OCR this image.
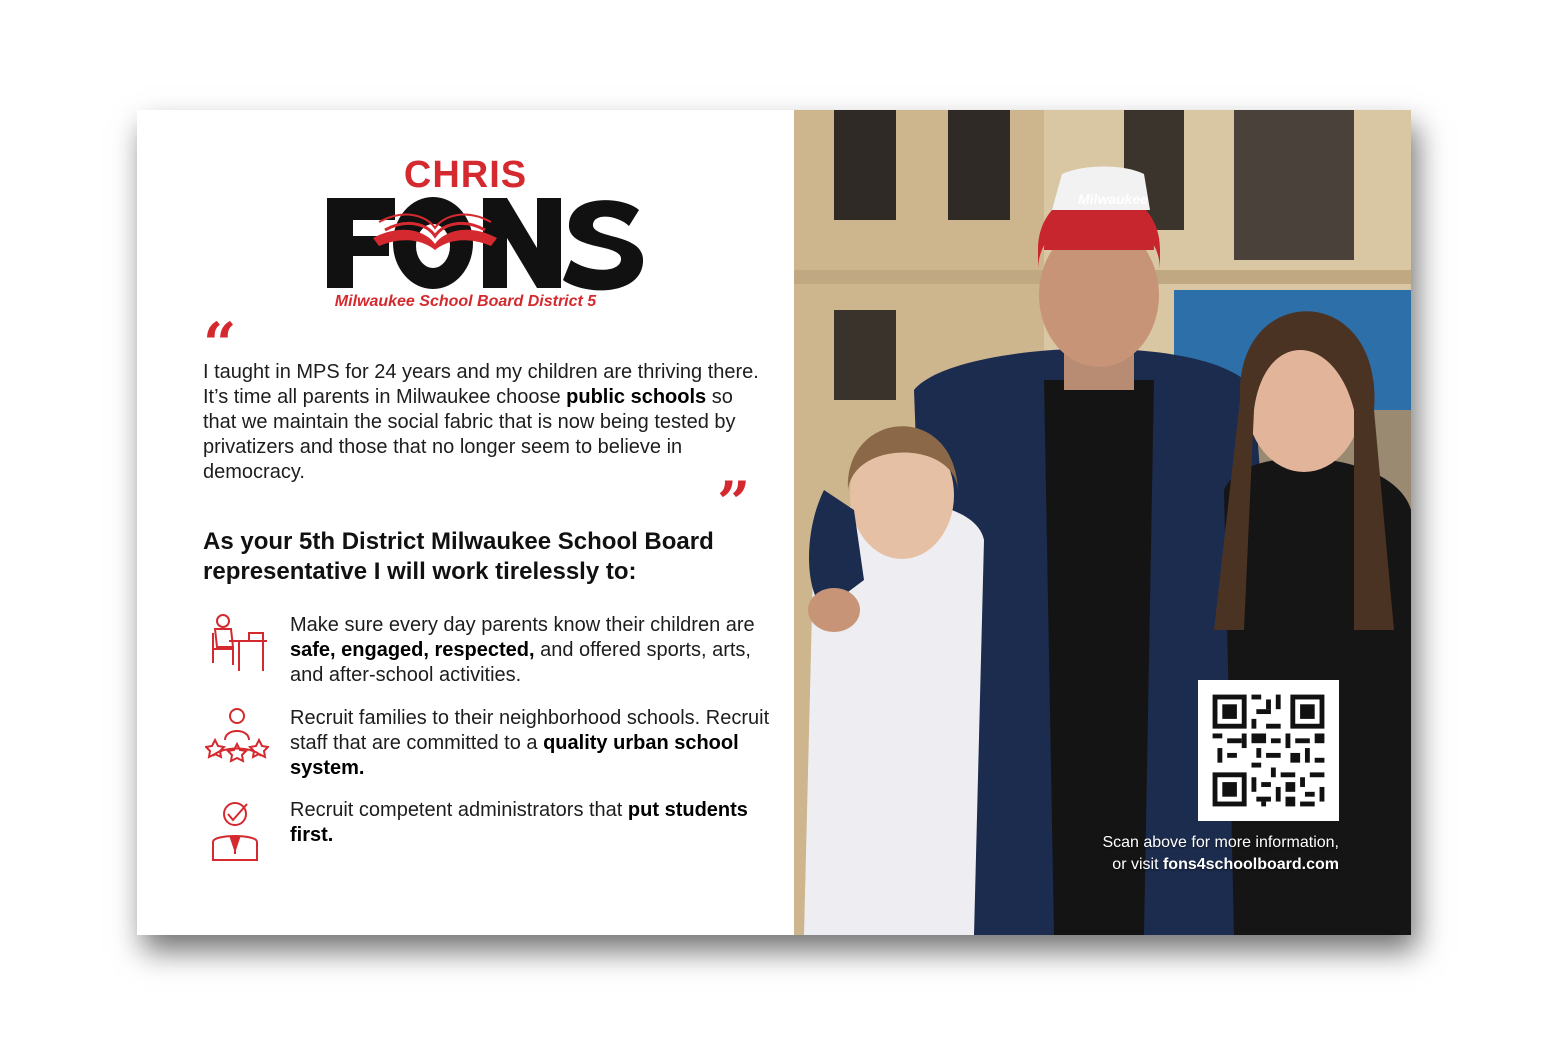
CHRIS
FONS
Milwaukee School Board District 5
“
I taught in MPS for 24 years and my children are thriving there. It’s time all parents in Milwaukee choose public schools so that we maintain the social fabric that is now being tested by privatizers and those that no longer seem to believe in democracy.	”
As your 5th District Milwaukee School Board representative I will work tirelessly to:
Make sure every day parents know their children are safe, engaged, respected, and offered sports, arts, and after-school activities.
Recruit families to their neighborhood schools. Recruit staff that are committed to a quality urban school system.
Recruit competent administrators that put students first.
Milwaukee
Scan above for more information,
or visit fons4schoolboard.com
